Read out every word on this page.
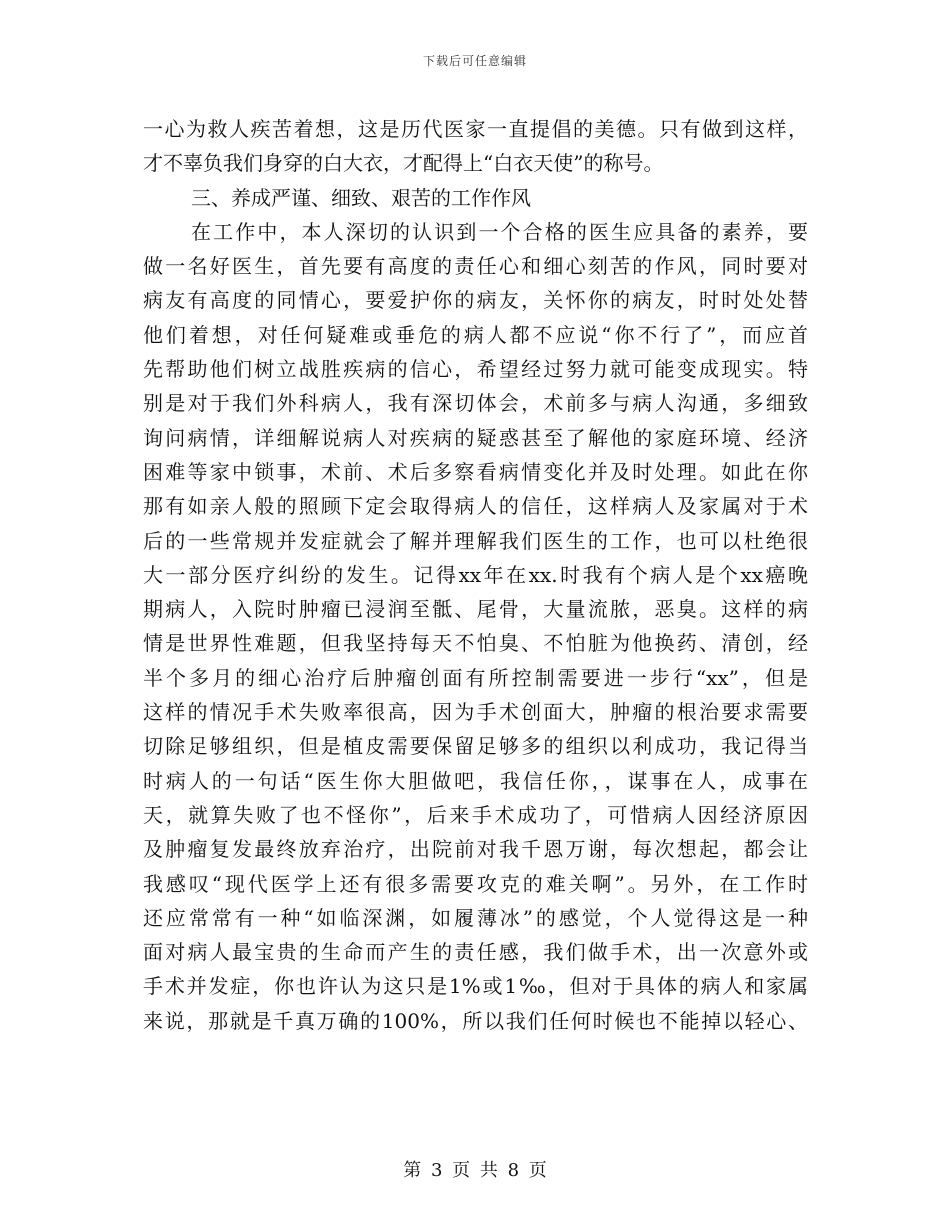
下载后可任意编辑
一心为救人疾苦着想，这是历代医家一直提倡的美德。只有做到这样，
才不辜负我们身穿的白大衣，才配得上“白衣天使”的称号。
三、养成严谨、细致、艰苦的工作作风
在工作中，本人深切的认识到一个合格的医生应具备的素养，要
做一名好医生，首先要有高度的责任心和细心刻苦的作风，同时要对
病友有高度的同情心，要爱护你的病友，关怀你的病友，时时处处替
他们着想，对任何疑难或垂危的病人都不应说“你不行了”，而应首
先帮助他们树立战胜疾病的信心，希望经过努力就可能变成现实。特
别是对于我们外科病人，我有深切体会，术前多与病人沟通，多细致
询问病情，详细解说病人对疾病的疑惑甚至了解他的家庭环境、经济
困难等家中锁事，术前、术后多察看病情变化并及时处理。如此在你
那有如亲人般的照顾下定会取得病人的信任，这样病人及家属对于术
后的一些常规并发症就会了解并理解我们医生的工作，也可以杜绝很
大一部分医疗纠纷的发生。记得xx年在xx.时我有个病人是个xx癌晚
期病人，入院时肿瘤已浸润至骶、尾骨，大量流脓，恶臭。这样的病
情是世界性难题，但我坚持每天不怕臭、不怕脏为他换药、清创，经
半个多月的细心治疗后肿瘤创面有所控制需要进一步行“xx”，但是
这样的情况手术失败率很高，因为手术创面大，肿瘤的根治要求需要
切除足够组织，但是植皮需要保留足够多的组织以利成功，我记得当
时病人的一句话“医生你大胆做吧，我信任你，，谋事在人，成事在
天，就算失败了也不怪你”，后来手术成功了，可惜病人因经济原因
及肿瘤复发最终放弃治疗，出院前对我千恩万谢，每次想起，都会让
我感叹“现代医学上还有很多需要攻克的难关啊”。另外，在工作时
还应常常有一种“如临深渊，如履薄冰”的感觉，个人觉得这是一种
面对病人最宝贵的生命而产生的责任感，我们做手术，出一次意外或
手术并发症，你也许认为这只是1%或1‰，但对于具体的病人和家属
来说，那就是千真万确的100%，所以我们任何时候也不能掉以轻心、
第 3 页 共 8 页
